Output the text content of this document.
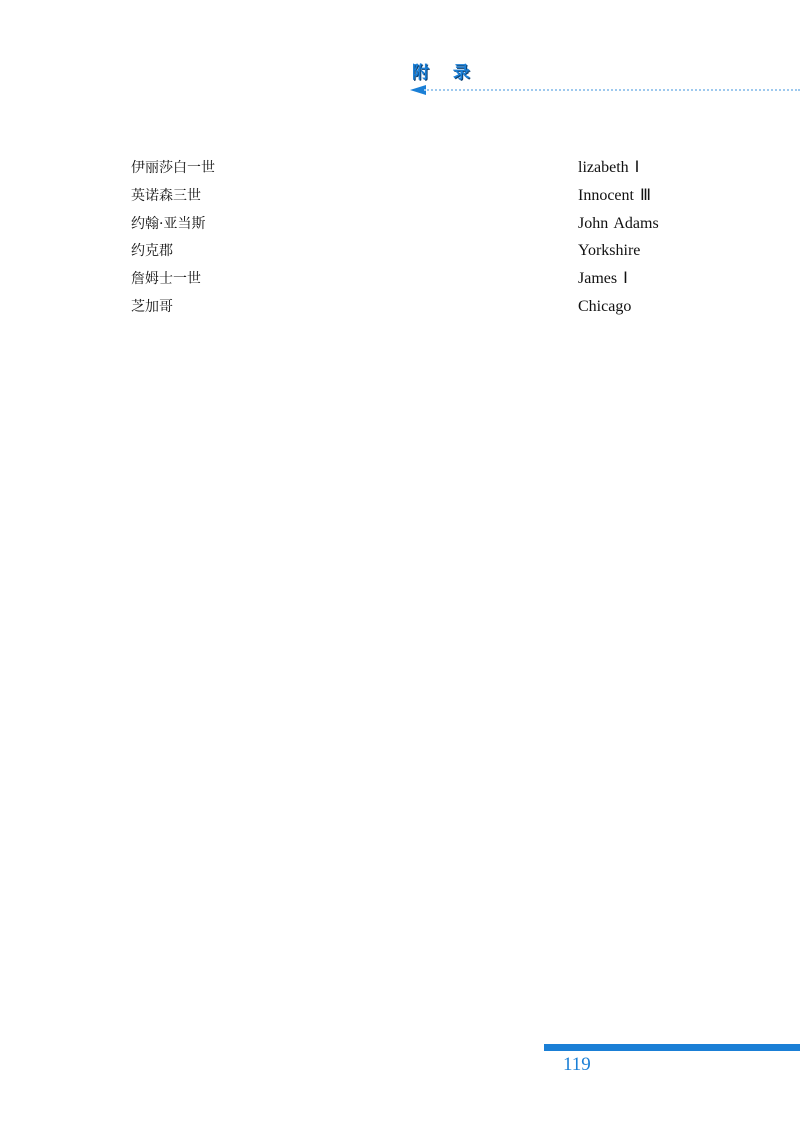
附 录
伊丽莎白一世	lizabeth Ⅰ
英诺森三世	Innocent Ⅲ
约翰·亚当斯	John Adams
约克郡	Yorkshire
詹姆士一世	James Ⅰ
芝加哥	Chicago
119
